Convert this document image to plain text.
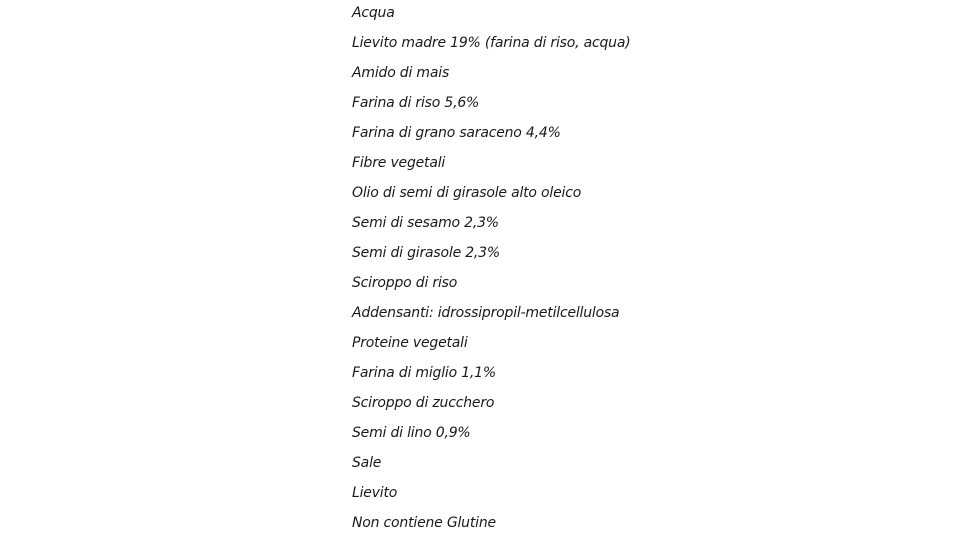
Acqua
Lievito madre 19% (farina di riso, acqua)
Amido di mais
Farina di riso 5,6%
Farina di grano saraceno 4,4%
Fibre vegetali
Olio di semi di girasole alto oleico
Semi di sesamo 2,3%
Semi di girasole 2,3%
Sciroppo di riso
Addensanti: idrossipropil-metilcellulosa
Proteine vegetali
Farina di miglio 1,1%
Sciroppo di zucchero
Semi di lino 0,9%
Sale
Lievito
Non contiene Glutine
